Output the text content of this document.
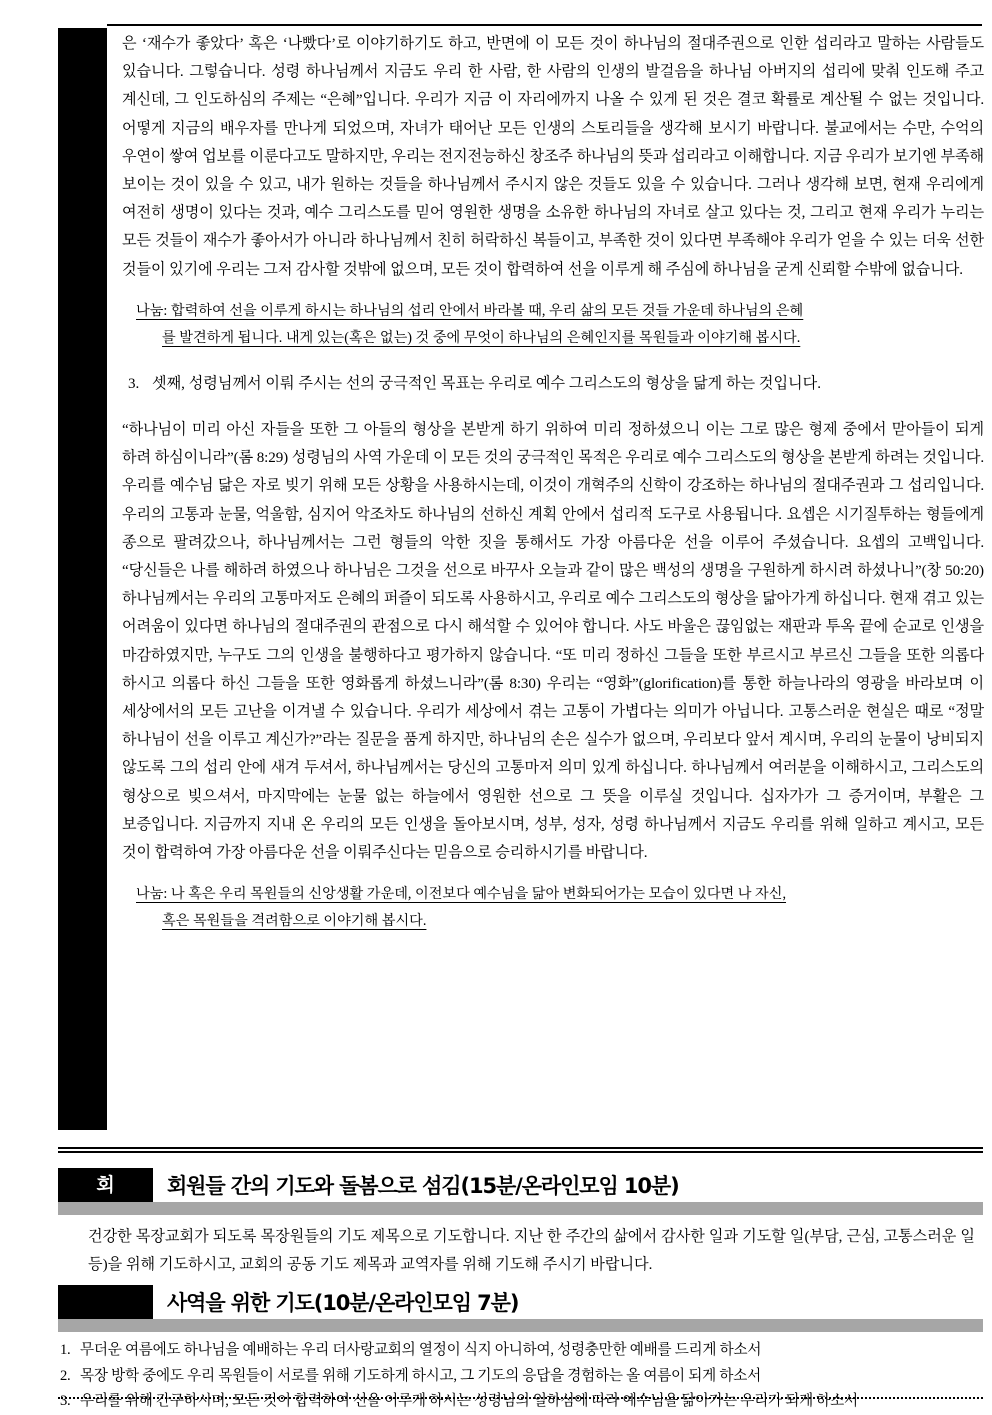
은 ‘재수가 좋았다’ 혹은 ‘나빴다’로 이야기하기도 하고, 반면에 이 모든 것이 하나님의 절대주권으로 인한 섭리라고 말하는 사람들도 있습니다. 그렇습니다. 성령 하나님께서 지금도 우리 한 사람, 한 사람의 인생의 발걸음을 하나님 아버지의 섭리에 맞춰 인도해 주고 계신데, 그 인도하심의 주제는 “은혜”입니다. 우리가 지금 이 자리에까지 나올 수 있게 된 것은 결코 확률로 계산될 수 없는 것입니다. 어떻게 지금의 배우자를 만나게 되었으며, 자녀가 태어난 모든 인생의 스토리들을 생각해 보시기 바랍니다. 불교에서는 수만, 수억의 우연이 쌓여 업보를 이룬다고도 말하지만, 우리는 전지전능하신 창조주 하나님의 뜻과 섭리라고 이해합니다. 지금 우리가 보기엔 부족해 보이는 것이 있을 수 있고, 내가 원하는 것들을 하나님께서 주시지 않은 것들도 있을 수 있습니다. 그러나 생각해 보면, 현재 우리에게 여전히 생명이 있다는 것과, 예수 그리스도를 믿어 영원한 생명을 소유한 하나님의 자녀로 살고 있다는 것, 그리고 현재 우리가 누리는 모든 것들이 재수가 좋아서가 아니라 하나님께서 친히 허락하신 복들이고, 부족한 것이 있다면 부족해야 우리가 얻을 수 있는 더욱 선한 것들이 있기에 우리는 그저 감사할 것밖에 없으며, 모든 것이 합력하여 선을 이루게 해 주심에 하나님을 굳게 신뢰할 수밖에 없습니다.

나눔: 합력하여 선을 이루게 하시는 하나님의 섭리 안에서 바라볼 때, 우리 삶의 모든 것들 가운데 하나님의 은혜
를 발견하게 됩니다. 내게 있는(혹은 없는) 것 중에 무엇이 하나님의 은혜인지를 목원들과 이야기해 봅시다.
3. 셋째, 성령님께서 이뤄 주시는 선의 궁극적인 목표는 우리로 예수 그리스도의 형상을 닮게 하는 것입니다.

“하나님이 미리 아신 자들을 또한 그 아들의 형상을 본받게 하기 위하여 미리 정하셨으니 이는 그로 많은 형제 중에서 맏아들이 되게 하려 하심이니라”(롬 8:29) 성령님의 사역 가운데 이 모든 것의 궁극적인 목적은 우리로 예수 그리스도의 형상을 본받게 하려는 것입니다. 우리를 예수님 닮은 자로 빚기 위해 모든 상황을 사용하시는데, 이것이 개혁주의 신학이 강조하는 하나님의 절대주권과 그 섭리입니다. 우리의 고통과 눈물, 억울함, 심지어 악조차도 하나님의 선하신 계획 안에서 섭리적 도구로 사용됩니다. 요셉은 시기질투하는 형들에게 종으로 팔려갔으나, 하나님께서는 그런 형들의 악한 짓을 통해서도 가장 아름다운 선을 이루어 주셨습니다. 요셉의 고백입니다. “당신들은 나를 해하려 하였으나 하나님은 그것을 선으로 바꾸사 오늘과 같이 많은 백성의 생명을 구원하게 하시려 하셨나니”(창 50:20) 하나님께서는 우리의 고통마저도 은혜의 퍼즐이 되도록 사용하시고, 우리로 예수 그리스도의 형상을 닮아가게 하십니다. 현재 겪고 있는 어려움이 있다면 하나님의 절대주권의 관점으로 다시 해석할 수 있어야 합니다. 사도 바울은 끊임없는 재판과 투옥 끝에 순교로 인생을 마감하였지만, 누구도 그의 인생을 불행하다고 평가하지 않습니다. “또 미리 정하신 그들을 또한 부르시고 부르신 그들을 또한 의롭다 하시고 의롭다 하신 그들을 또한 영화롭게 하셨느니라”(롬 8:30) 우리는 “영화”(glorification)를 통한 하늘나라의 영광을 바라보며 이 세상에서의 모든 고난을 이겨낼 수 있습니다. 우리가 세상에서 겪는 고통이 가볍다는 의미가 아닙니다. 고통스러운 현실은 때로 “정말 하나님이 선을 이루고 계신가?”라는 질문을 품게 하지만, 하나님의 손은 실수가 없으며, 우리보다 앞서 계시며, 우리의 눈물이 낭비되지 않도록 그의 섭리 안에 새겨 두셔서, 하나님께서는 당신의 고통마저 의미 있게 하십니다. 하나님께서 여러분을 이해하시고, 그리스도의 형상으로 빚으셔서, 마지막에는 눈물 없는 하늘에서 영원한 선으로 그 뜻을 이루실 것입니다. 십자가가 그 증거이며, 부활은 그 보증입니다. 지금까지 지내 온 우리의 모든 인생을 돌아보시며, 성부, 성자, 성령 하나님께서 지금도 우리를 위해 일하고 계시고, 모든 것이 합력하여 가장 아름다운 선을 이뤄주신다는 믿음으로 승리하시기를 바랍니다.

나눔: 나 혹은 우리 목원들의 신앙생활 가운데, 이전보다 예수님을 닮아 변화되어가는 모습이 있다면 나 자신,
혹은 목원들을 격려함으로 이야기해 봅시다.
회	회원들 간의 기도와 돌봄으로 섬김(15분/온라인모임 10분)
건강한 목장교회가 되도록 목장원들의 기도 제목으로 기도합니다. 지난 한 주간의 삶에서 감사한 일과 기도할 일(부담, 근심, 고통스러운 일 등)을 위해 기도하시고, 교회의 공동 기도 제목과 교역자를 위해 기도해 주시기 바랍니다.
사역을 위한 기도(10분/온라인모임 7분)
1. 무더운 여름에도 하나님을 예배하는 우리 더사랑교회의 열정이 식지 아니하여, 성령충만한 예배를 드리게 하소서
2. 목장 방학 중에도 우리 목원들이 서로를 위해 기도하게 하시고, 그 기도의 응답을 경험하는 올 여름이 되게 하소서
3. 우리를 위해 간구하시며, 모든 것이 합력하여 선을 이루게 하시는 성령님의 일하심에 따라 예수님을 닮아가는 우리가 되게 하소서
